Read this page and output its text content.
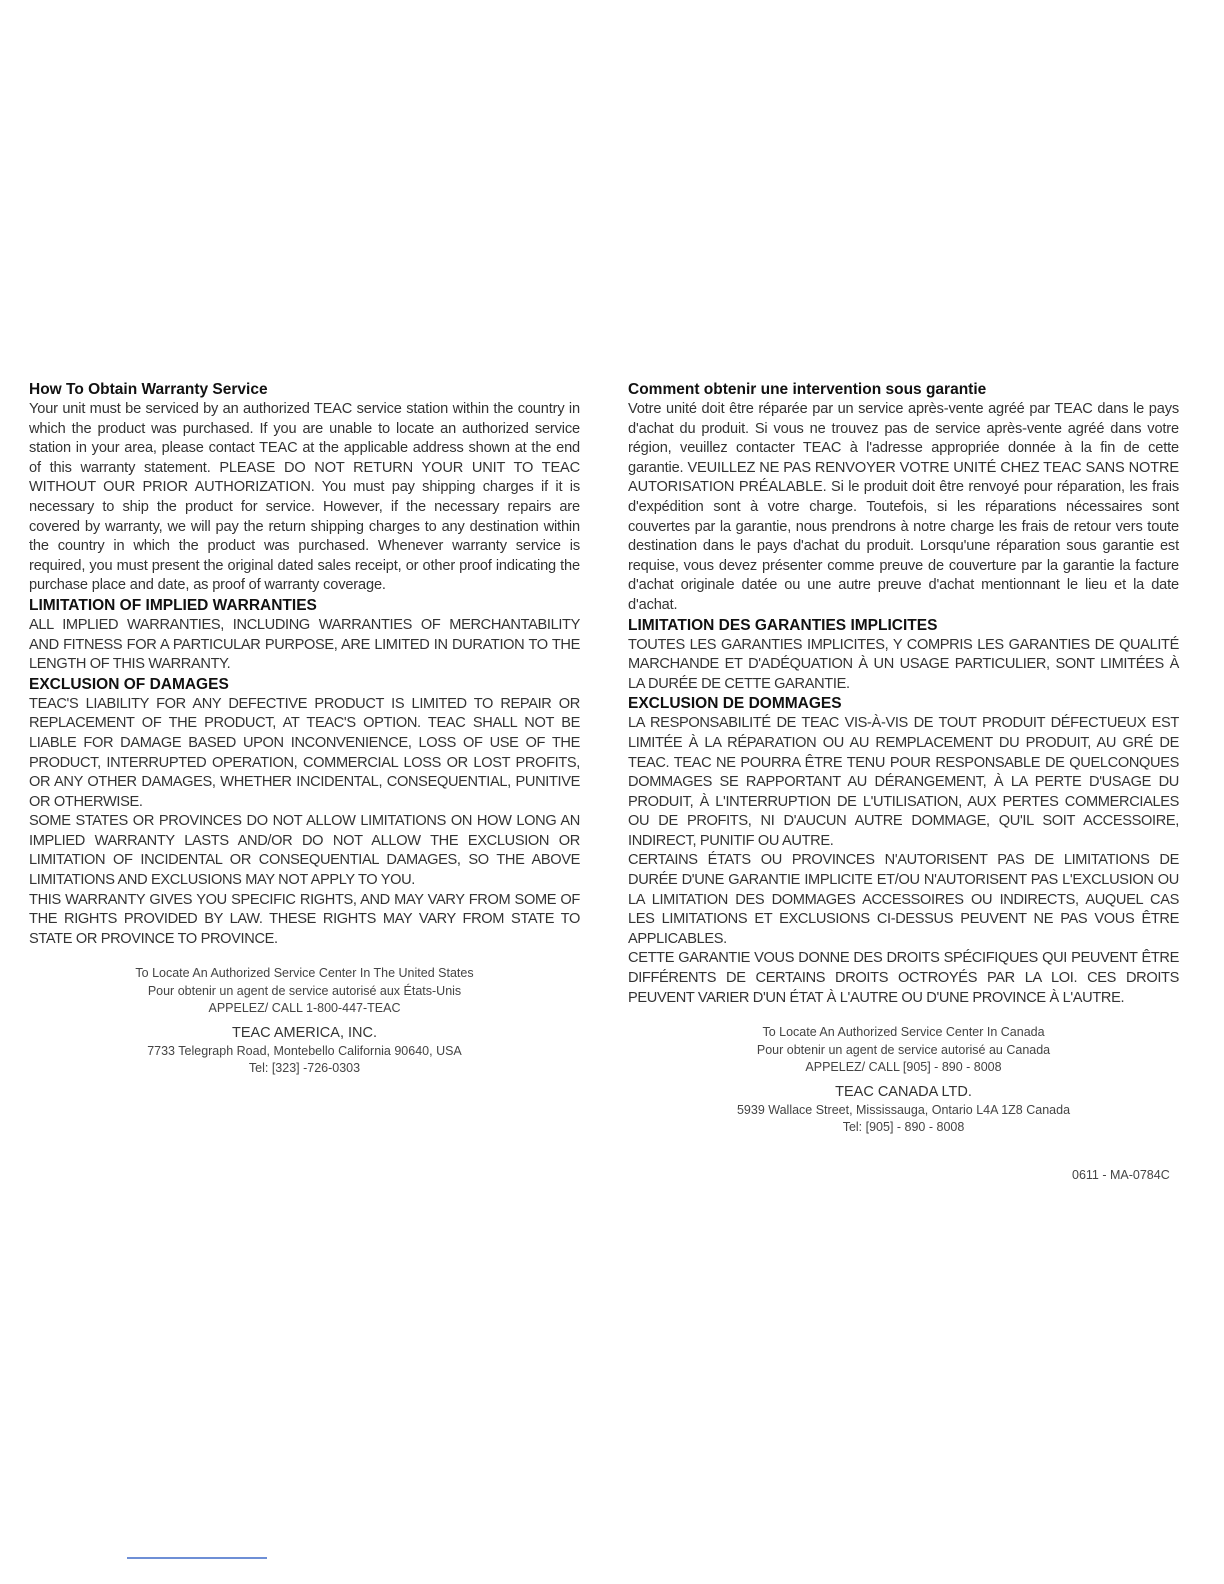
How To Obtain Warranty Service

Your unit must be serviced by an authorized TEAC service station within the country in which the product was purchased. If you are unable to locate an authorized service station in your area, please contact TEAC at the applicable address shown at the end of this warranty statement. PLEASE DO NOT RETURN YOUR UNIT TO TEAC WITHOUT OUR PRIOR AUTHORIZATION. You must pay shipping charges if it is necessary to ship the product for service. However, if the necessary repairs are covered by warranty, we will pay the return shipping charges to any destination within the country in which the product was purchased. Whenever warranty service is required, you must present the original dated sales receipt, or other proof indicating the purchase place and date, as proof of warranty coverage.

LIMITATION OF IMPLIED WARRANTIES

ALL IMPLIED WARRANTIES, INCLUDING WARRANTIES OF MERCHANTABILITY AND FITNESS FOR A PARTICULAR PURPOSE, ARE LIMITED IN DURATION TO THE LENGTH OF THIS WARRANTY.

EXCLUSION OF DAMAGES

TEAC'S LIABILITY FOR ANY DEFECTIVE PRODUCT IS LIMITED TO REPAIR OR REPLACEMENT OF THE PRODUCT, AT TEAC'S OPTION. TEAC SHALL NOT BE LIABLE FOR DAMAGE BASED UPON INCONVENIENCE, LOSS OF USE OF THE PRODUCT, INTERRUPTED OPERATION, COMMERCIAL LOSS OR LOST PROFITS, OR ANY OTHER DAMAGES, WHETHER INCIDENTAL, CONSEQUENTIAL, PUNITIVE OR OTHERWISE.

SOME STATES OR PROVINCES DO NOT ALLOW LIMITATIONS ON HOW LONG AN IMPLIED WARRANTY LASTS AND/OR DO NOT ALLOW THE EXCLUSION OR LIMITATION OF INCIDENTAL OR CONSEQUENTIAL DAMAGES, SO THE ABOVE LIMITATIONS AND EXCLUSIONS MAY NOT APPLY TO YOU.

THIS WARRANTY GIVES YOU SPECIFIC RIGHTS, AND MAY VARY FROM SOME OF THE RIGHTS PROVIDED BY LAW. THESE RIGHTS MAY VARY FROM STATE TO STATE OR PROVINCE TO PROVINCE.

To Locate An Authorized Service Center In The United States
Pour obtenir un agent de service autorisé aux États-Unis
APPELEZ/ CALL 1-800-447-TEAC
TEAC AMERICA, INC.
7733 Telegraph Road, Montebello California 90640, USA
Tel: [323] -726-0303
Comment obtenir une intervention sous garantie

Votre unité doit être réparée par un service après-vente agréé par TEAC dans le pays d'achat du produit. Si vous ne trouvez pas de service après-vente agréé dans votre région, veuillez contacter TEAC à l'adresse appropriée donnée à la fin de cette garantie. VEUILLEZ NE PAS RENVOYER VOTRE UNITÉ CHEZ TEAC SANS NOTRE AUTORISATION PRÉALABLE. Si le produit doit être renvoyé pour réparation, les frais d'expédition sont à votre charge. Toutefois, si les réparations nécessaires sont couvertes par la garantie, nous prendrons à notre charge les frais de retour vers toute destination dans le pays d'achat du produit. Lorsqu'une réparation sous garantie est requise, vous devez présenter comme preuve de couverture par la garantie la facture d'achat originale datée ou une autre preuve d'achat mentionnant le lieu et la date d'achat.

LIMITATION DES GARANTIES IMPLICITES

TOUTES LES GARANTIES IMPLICITES, Y COMPRIS LES GARANTIES DE QUALITÉ MARCHANDE ET D'ADÉQUATION À UN USAGE PARTICULIER, SONT LIMITÉES À LA DURÉE DE CETTE GARANTIE.

EXCLUSION DE DOMMAGES

LA RESPONSABILITÉ DE TEAC VIS-À-VIS DE TOUT PRODUIT DÉFECTUEUX EST LIMITÉE À LA RÉPARATION OU AU REMPLACEMENT DU PRODUIT, AU GRÉ DE TEAC. TEAC NE POURRA ÊTRE TENU POUR RESPONSABLE DE QUELCONQUES DOMMAGES SE RAPPORTANT AU DÉRANGEMENT, À LA PERTE D'USAGE DU PRODUIT, À L'INTERRUPTION DE L'UTILISATION, AUX PERTES COMMERCIALES OU DE PROFITS, NI D'AUCUN AUTRE DOMMAGE, QU'IL SOIT ACCESSOIRE, INDIRECT, PUNITIF OU AUTRE.

CERTAINS ÉTATS OU PROVINCES N'AUTORISENT PAS DE LIMITATIONS DE DURÉE D'UNE GARANTIE IMPLICITE ET/OU N'AUTORISENT PAS L'EXCLUSION OU LA LIMITATION DES DOMMAGES ACCESSOIRES OU INDIRECTS, AUQUEL CAS LES LIMITATIONS ET EXCLUSIONS CI-DESSUS PEUVENT NE PAS VOUS ÊTRE APPLICABLES.

CETTE GARANTIE VOUS DONNE DES DROITS SPÉCIFIQUES QUI PEUVENT ÊTRE DIFFÉRENTS DE CERTAINS DROITS OCTROYÉS PAR LA LOI. CES DROITS PEUVENT VARIER D'UN ÉTAT À L'AUTRE OU D'UNE PROVINCE À L'AUTRE.

To Locate An Authorized Service Center In Canada
Pour obtenir un agent de service autorisé au Canada
APPELEZ/ CALL [905] - 890 - 8008
TEAC CANADA LTD.
5939 Wallace Street, Mississauga, Ontario L4A 1Z8 Canada
Tel: [905] - 890 - 8008
0611 - MA-0784C
